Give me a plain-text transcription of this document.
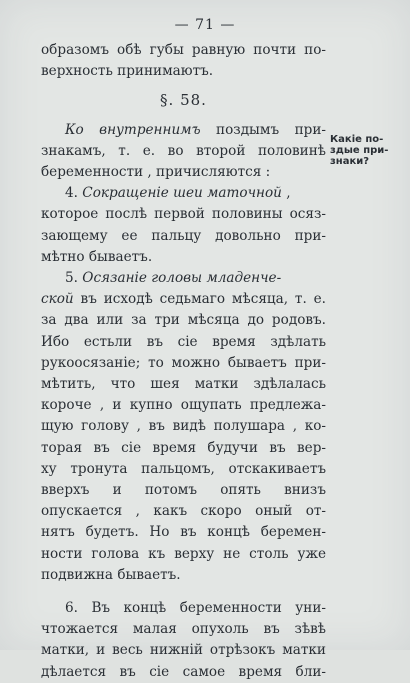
— 71 —
образомъ обѣ губы равную почти по-
верхность принимаютъ.
§. 58.
Ко внутреннимъ поздымъ при-
знакамъ, т. е. во второй половинѣ
беременности , причисляются :
4. Сокращеніе шеи маточной ,
которое послѣ первой половины осяз-
зающему ее пальцу довольно при-
мѣтно бываетъ.
5. Осязаніе головы младенче-
ской въ исходѣ седьмаго мѣсяца, т. е.
за два или за три мѣсяца до родовъ.
Ибо естьли въ сіе время здѣлать
рукоосязаніе; то можно бываетъ при-
мѣтить, что шея матки здѣлалась
короче , и купно ощупать предлежа-
щую голову , въ видѣ полушара , ко-
торая въ сіе время будучи въ вер-
ху тронута пальцомъ, отскакиваетъ
вверхъ и потомъ опять внизъ
опускается , какъ скоро оный от-
нятъ будетъ. Но въ концѣ беремен-
ности голова къ верху не столь уже
подвижна бываетъ.
6. Въ концѣ беременности уни-
чтожается малая опухоль въ зѣвѣ
матки, и весь нижній отрѣзокъ матки
дѣлается въ сіе самое время бли-
Какіе по-
здые при-
знаки?
